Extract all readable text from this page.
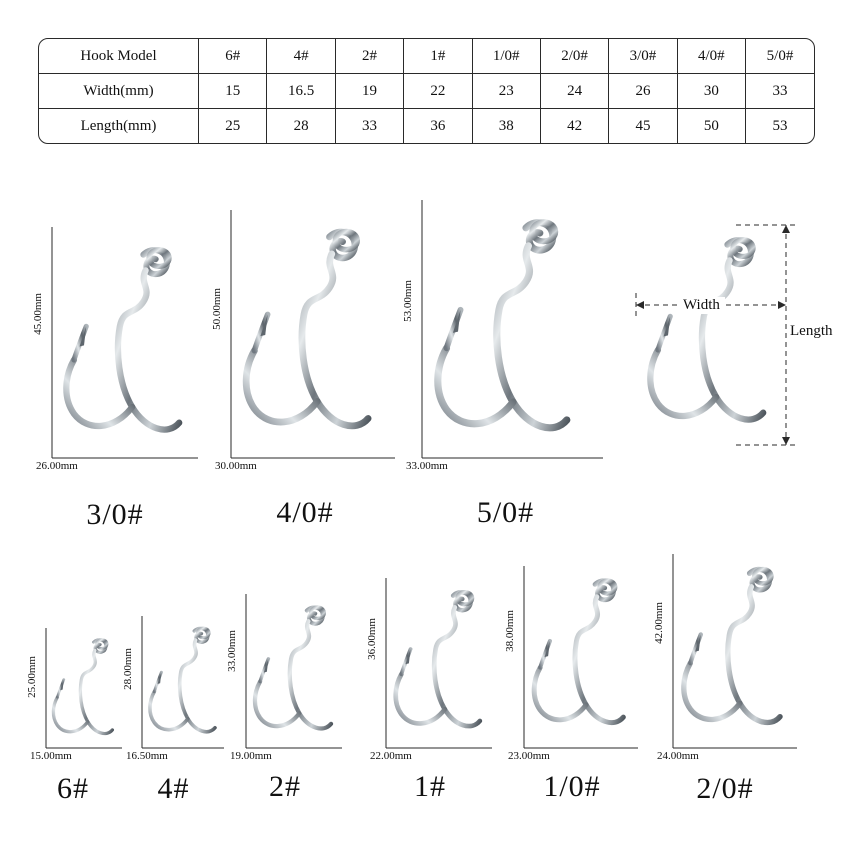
Hook Model	6#	4#	2#	1#	1/0#	2/0#	3/0#	4/0#	5/0#
Width(mm)	15	16.5	19	22	23	24	26	30	33
Length(mm)	25	28	33	36	38	42	45	50	53
45.00mm
26.00mm
3/0#
50.00mm
30.00mm
4/0#
53.00mm
33.00mm
5/0#
Width
Length
25.00mm
15.00mm
6#
28.00mm
16.50mm
4#
33.00mm
19.00mm
2#
36.00mm
22.00mm
1#
38.00mm
23.00mm
1/0#
42.00mm
24.00mm
2/0#
